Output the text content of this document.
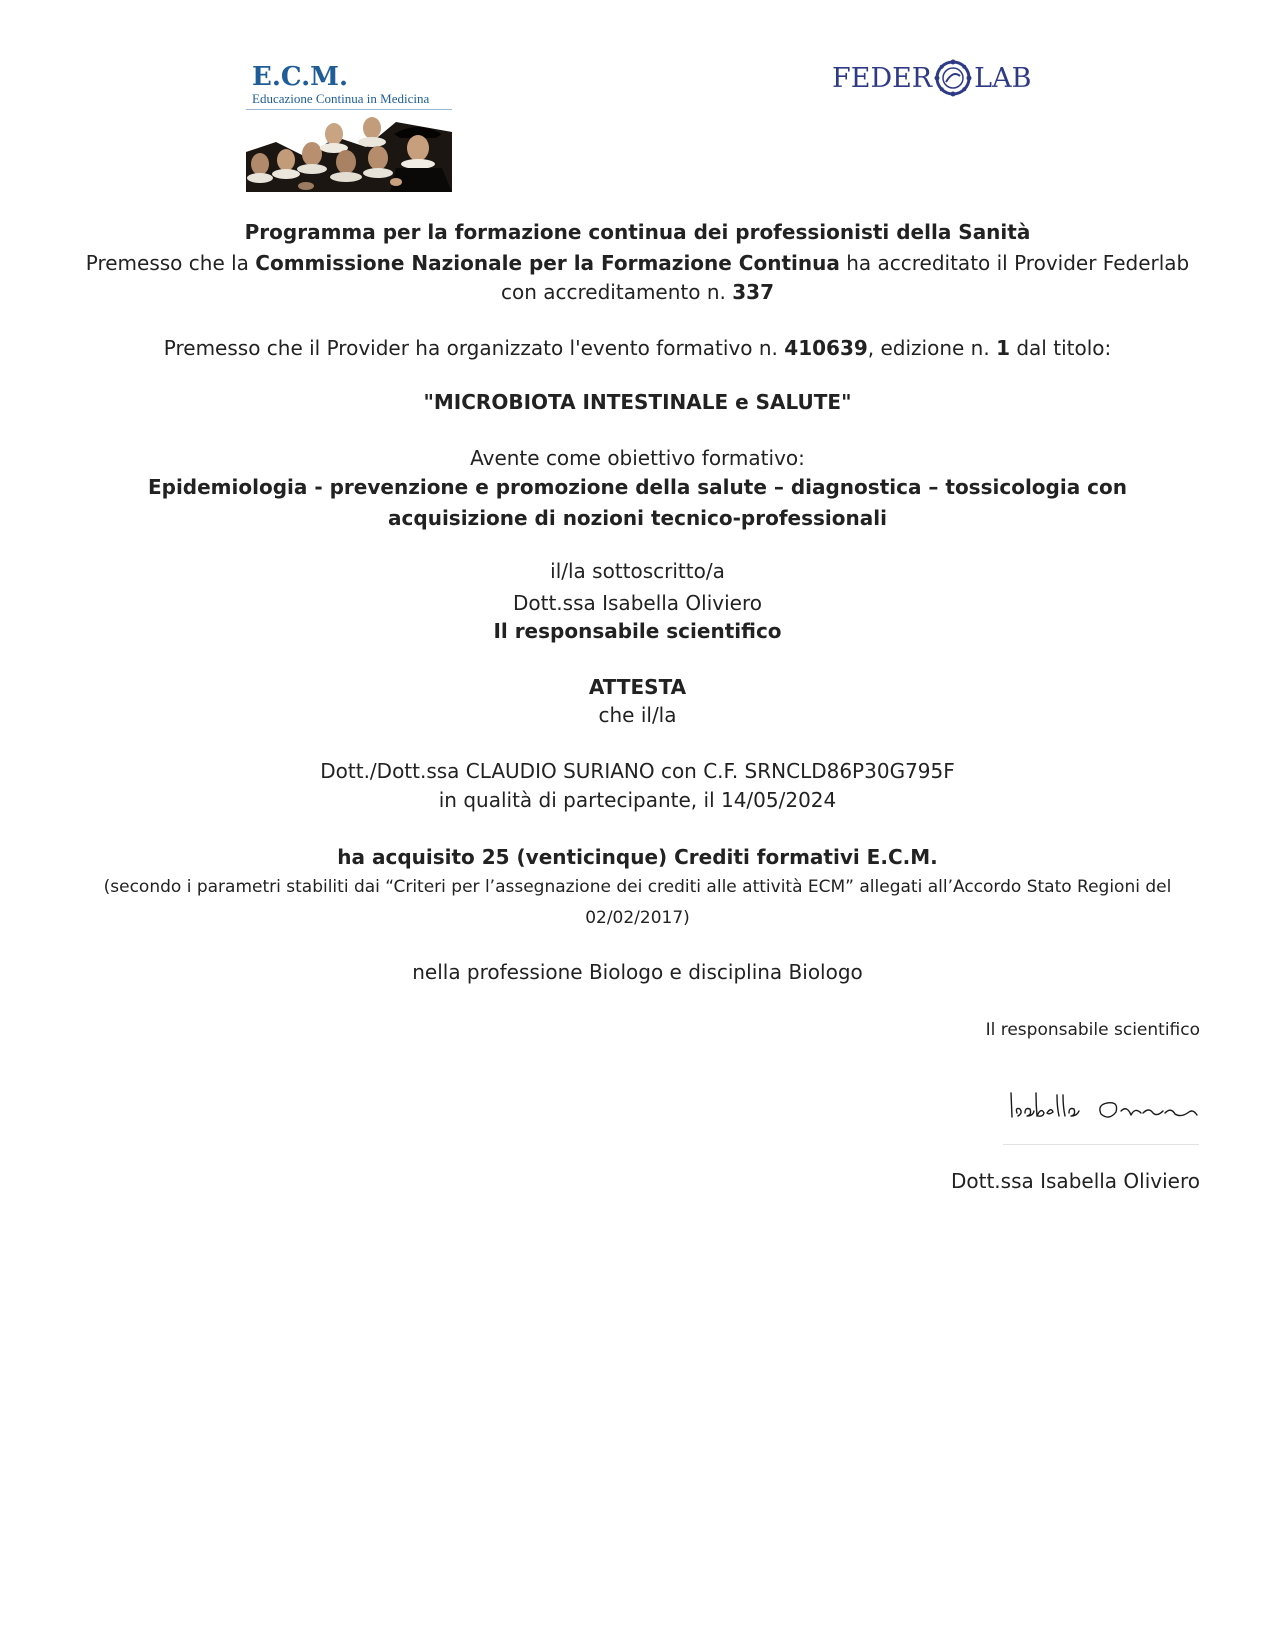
E.C.M.
Educazione Continua in Medicina
FEDER LAB
Programma per la formazione continua dei professionisti della Sanità
Premesso che la Commissione Nazionale per la Formazione Continua ha accreditato il Provider Federlab
con accreditamento n. 337
Premesso che il Provider ha organizzato l'evento formativo n. 410639, edizione n. 1 dal titolo:
"MICROBIOTA INTESTINALE e SALUTE"
Avente come obiettivo formativo:
Epidemiologia - prevenzione e promozione della salute – diagnostica – tossicologia con
acquisizione di nozioni tecnico-professionali
il/la sottoscritto/a
Dott.ssa Isabella Oliviero
Il responsabile scientifico
ATTESTA
che il/la
Dott./Dott.ssa CLAUDIO SURIANO con C.F. SRNCLD86P30G795F
in qualità di partecipante, il 14/05/2024
ha acquisito 25 (venticinque) Crediti formativi E.C.M.
(secondo i parametri stabiliti dai “Criteri per l’assegnazione dei crediti alle attività ECM” allegati all’Accordo Stato Regioni del
02/02/2017)
nella professione Biologo e disciplina Biologo
Il responsabile scientifico
Dott.ssa Isabella Oliviero
